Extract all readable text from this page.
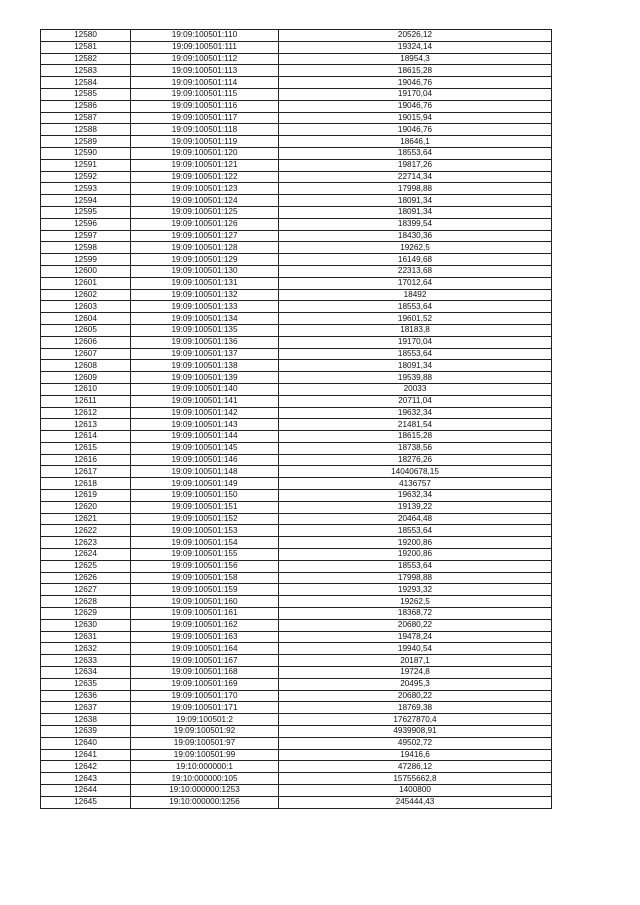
12580	19:09:100501:110	20526,12
12581	19:09:100501:111	19324,14
12582	19:09:100501:112	18954,3
12583	19:09:100501:113	18615,28
12584	19:09:100501:114	19046,76
12585	19:09:100501:115	19170,04
12586	19:09:100501:116	19046,76
12587	19:09:100501:117	19015,94
12588	19:09:100501:118	19046,76
12589	19:09:100501:119	18646,1
12590	19:09:100501:120	18553,64
12591	19:09:100501:121	19817,26
12592	19:09:100501:122	22714,34
12593	19:09:100501:123	17998,88
12594	19:09:100501:124	18091,34
12595	19:09:100501:125	18091,34
12596	19:09:100501:126	18399,54
12597	19:09:100501:127	18430,36
12598	19:09:100501:128	19262,5
12599	19:09:100501:129	16149,68
12600	19:09:100501:130	22313,68
12601	19:09:100501:131	17012,64
12602	19:09:100501:132	18492
12603	19:09:100501:133	18553,64
12604	19:09:100501:134	19601,52
12605	19:09:100501:135	18183,8
12606	19:09:100501:136	19170,04
12607	19:09:100501:137	18553,64
12608	19:09:100501:138	18091,34
12609	19:09:100501:139	19539,88
12610	19:09:100501:140	20033
12611	19:09:100501:141	20711,04
12612	19:09:100501:142	19632,34
12613	19:09:100501:143	21481,54
12614	19:09:100501:144	18615,28
12615	19:09:100501:145	18738,56
12616	19:09:100501:146	18276,26
12617	19:09:100501:148	14040678,15
12618	19:09:100501:149	4136757
12619	19:09:100501:150	19632,34
12620	19:09:100501:151	19139,22
12621	19:09:100501:152	20464,48
12622	19:09:100501:153	18553,64
12623	19:09:100501:154	19200,86
12624	19:09:100501:155	19200,86
12625	19:09:100501:156	18553,64
12626	19:09:100501:158	17998,88
12627	19:09:100501:159	19293,32
12628	19:09:100501:160	19262,5
12629	19:09:100501:161	18368,72
12630	19:09:100501:162	20680,22
12631	19:09:100501:163	19478,24
12632	19:09:100501:164	19940,54
12633	19:09:100501:167	20187,1
12634	19:09:100501:168	19724,8
12635	19:09:100501:169	20495,3
12636	19:09:100501:170	20680,22
12637	19:09:100501:171	18769,38
12638	19:09:100501:2	17627870,4
12639	19:09:100501:92	4939908,91
12640	19:09:100501:97	49502,72
12641	19:09:100501:99	19416,6
12642	19:10:000000:1	47286,12
12643	19:10:000000:105	15755662,8
12644	19:10:000000:1253	1400800
12645	19:10:000000:1256	245444,43
